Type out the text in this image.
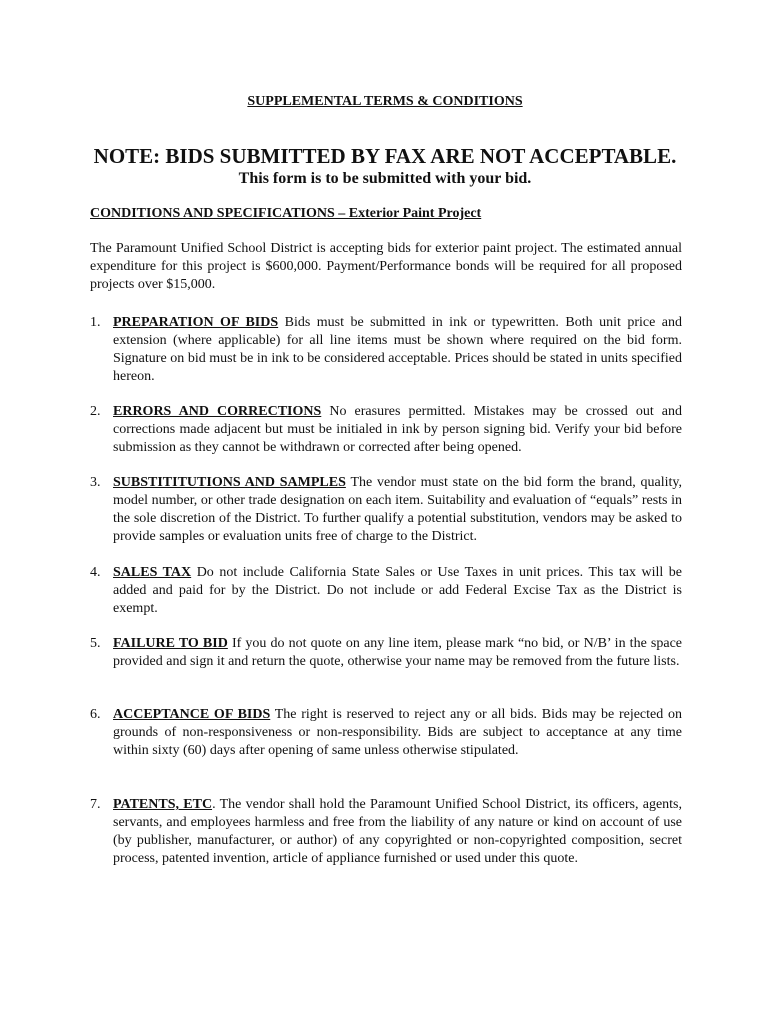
SUPPLEMENTAL TERMS & CONDITIONS
NOTE: BIDS SUBMITTED BY FAX ARE NOT ACCEPTABLE.
This form is to be submitted with your bid.
CONDITIONS AND SPECIFICATIONS – Exterior Paint Project
The Paramount Unified School District is accepting bids for exterior paint project. The estimated annual expenditure for this project is $600,000. Payment/Performance bonds will be required for all proposed projects over $15,000.
1. PREPARATION OF BIDS Bids must be submitted in ink or typewritten. Both unit price and extension (where applicable) for all line items must be shown where required on the bid form. Signature on bid must be in ink to be considered acceptable. Prices should be stated in units specified hereon.
2. ERRORS AND CORRECTIONS No erasures permitted. Mistakes may be crossed out and corrections made adjacent but must be initialed in ink by person signing bid. Verify your bid before submission as they cannot be withdrawn or corrected after being opened.
3. SUBSTITITUTIONS AND SAMPLES The vendor must state on the bid form the brand, quality, model number, or other trade designation on each item. Suitability and evaluation of “equals” rests in the sole discretion of the District. To further qualify a potential substitution, vendors may be asked to provide samples or evaluation units free of charge to the District.
4. SALES TAX Do not include California State Sales or Use Taxes in unit prices. This tax will be added and paid for by the District. Do not include or add Federal Excise Tax as the District is exempt.
5. FAILURE TO BID If you do not quote on any line item, please mark “no bid, or N/B’ in the space provided and sign it and return the quote, otherwise your name may be removed from the future lists.
6. ACCEPTANCE OF BIDS The right is reserved to reject any or all bids. Bids may be rejected on grounds of non-responsiveness or non-responsibility. Bids are subject to acceptance at any time within sixty (60) days after opening of same unless otherwise stipulated.
7. PATENTS, ETC. The vendor shall hold the Paramount Unified School District, its officers, agents, servants, and employees harmless and free from the liability of any nature or kind on account of use (by publisher, manufacturer, or author) of any copyrighted or non-copyrighted composition, secret process, patented invention, article of appliance furnished or used under this quote.
